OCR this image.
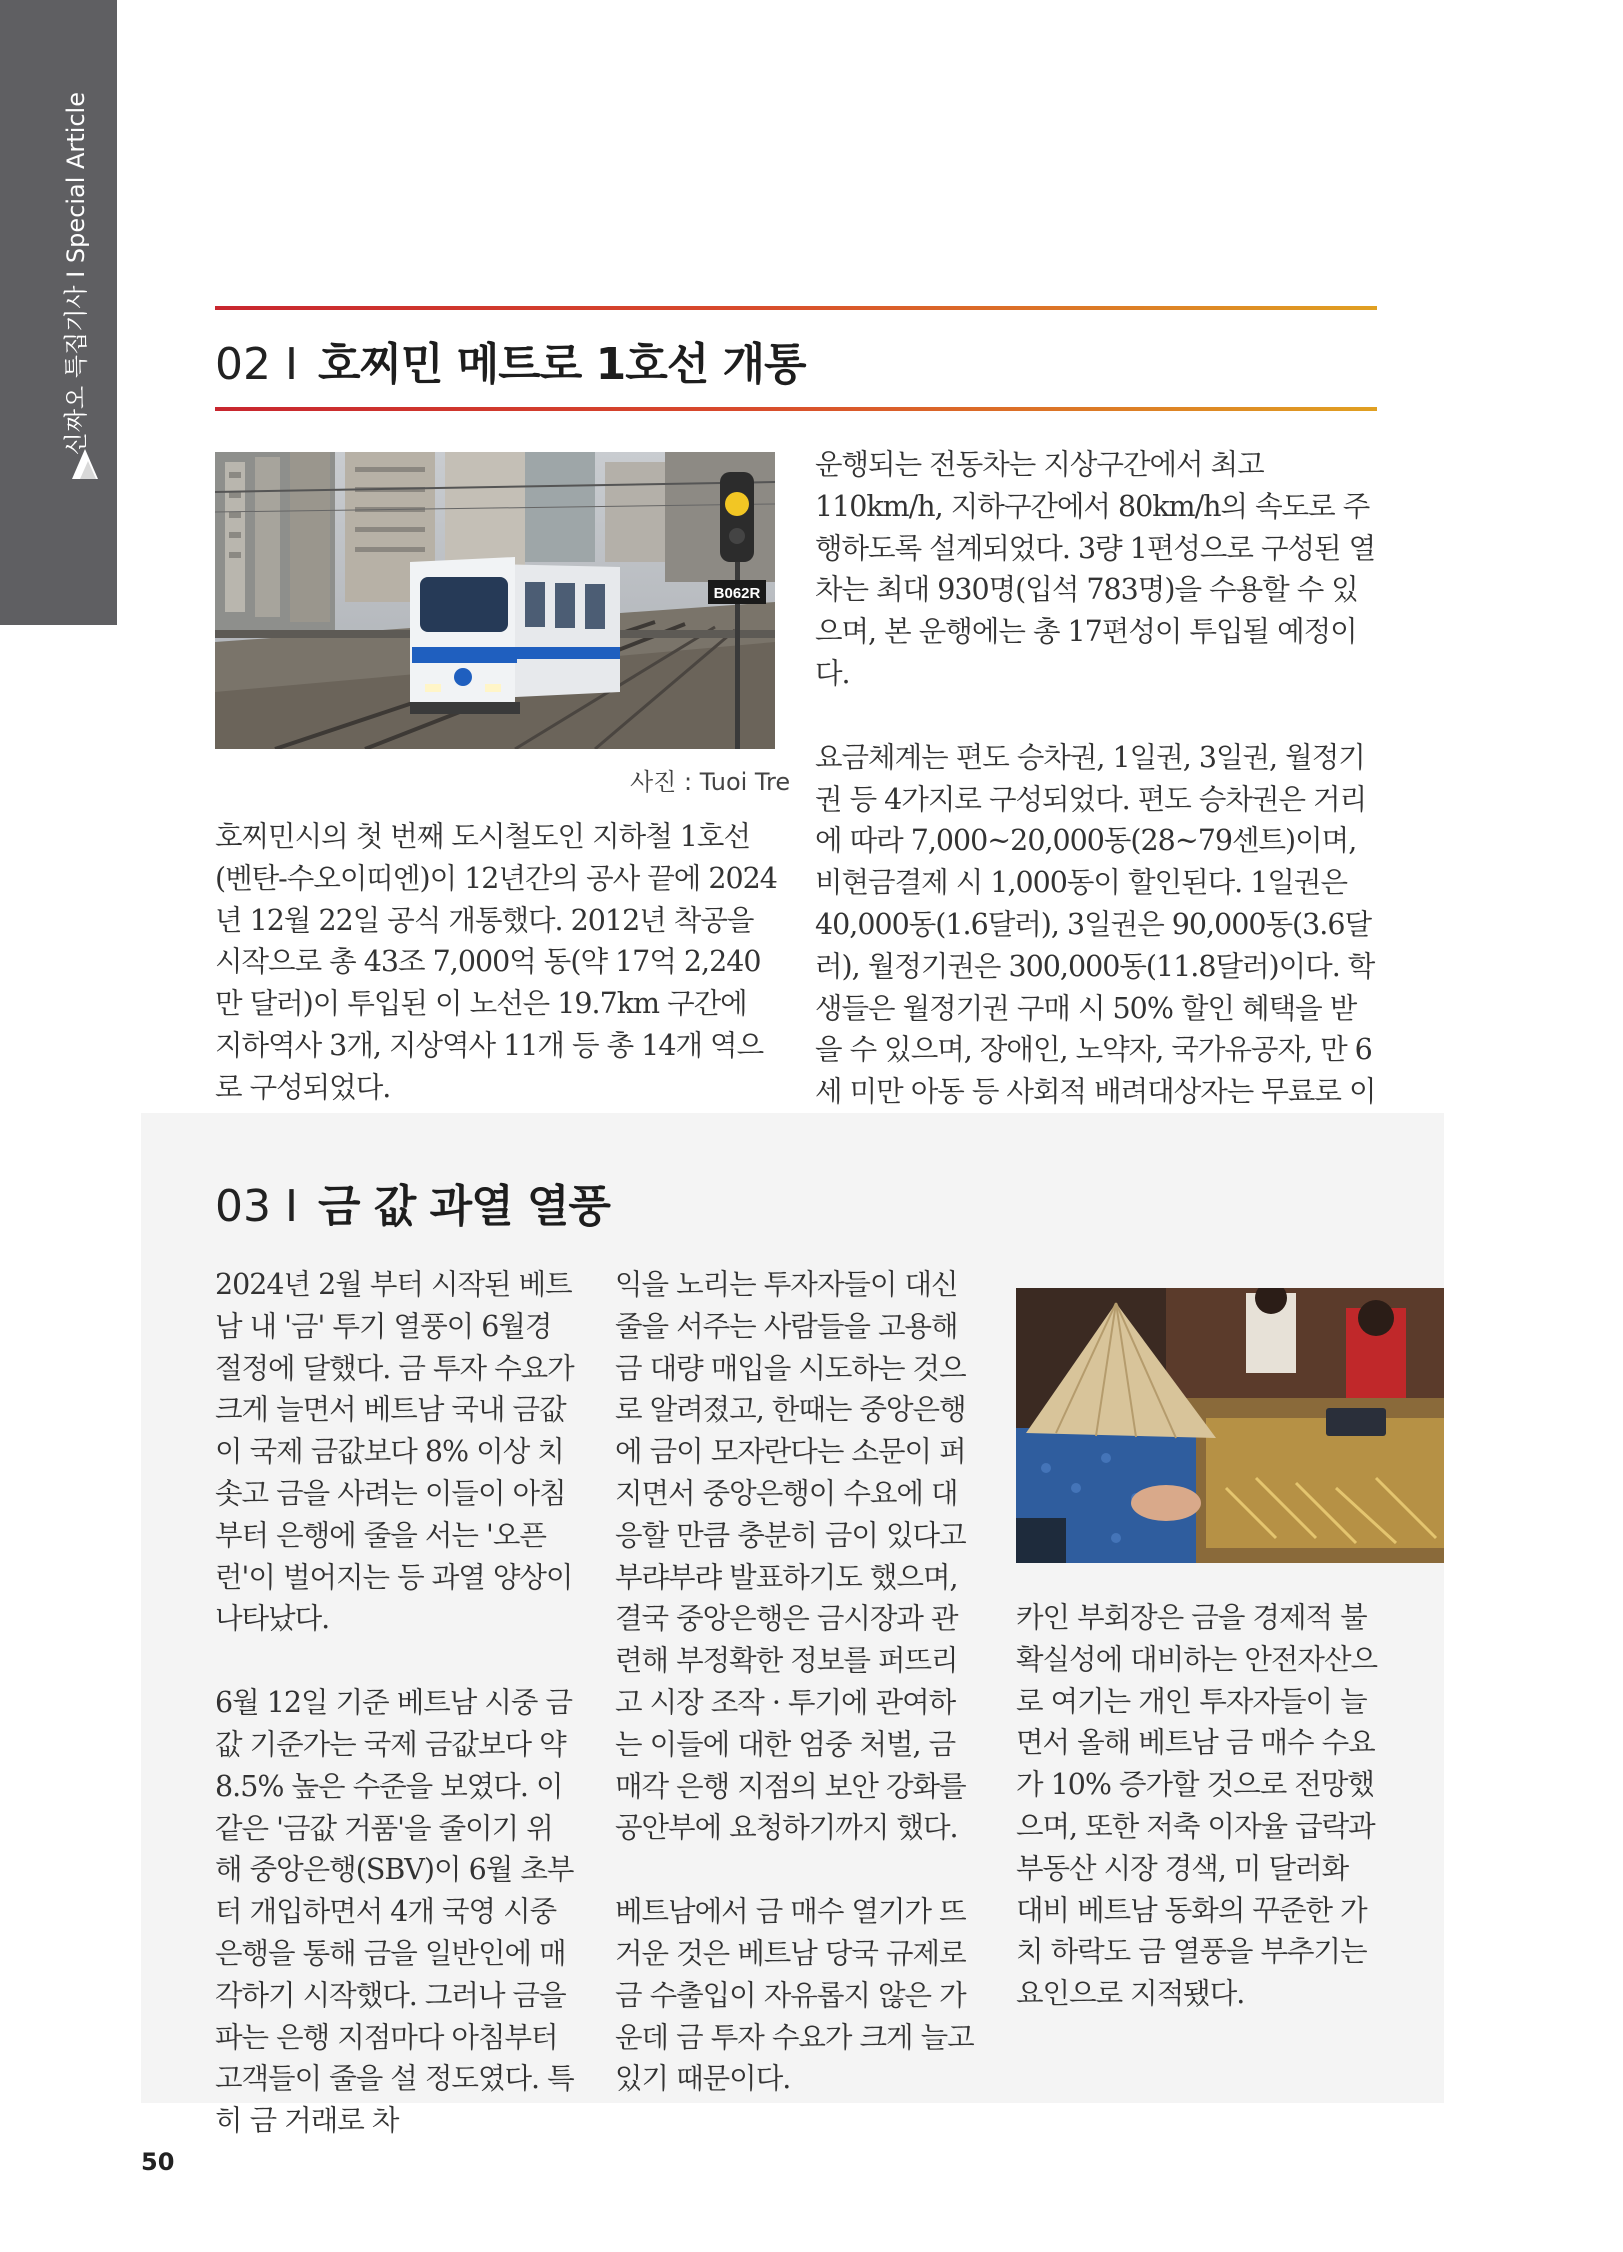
신짜오 특집기사 I Special Article	02 I 호찌민 메트로 1호선 개통
B062R
사진 : Tuoi Tre

호찌민시의 첫 번째 도시철도인 지하철 1호선(벤탄-수오이띠엔)이 12년간의 공사 끝에 2024년 12월 22일 공식 개통했다. 2012년 착공을 시작으로 총 43조 7,000억 동(약 17억 2,240만 달러)이 투입된 이 노선은 19.7km 구간에 지하역사 3개, 지상역사 11개 등 총 14개 역으로 구성되었다.

운행되는 전동차는 지상구간에서 최고 110km/h, 지하구간에서 80km/h의 속도로 주행하도록 설계되었다. 3량 1편성으로 구성된 열차는 최대 930명(입석 783명)을 수용할 수 있으며, 본 운행에는 총 17편성이 투입될 예정이다.

요금체계는 편도 승차권, 1일권, 3일권, 월정기권 등 4가지로 구성되었다. 편도 승차권은 거리에 따라 7,000~20,000동(28~79센트)이며, 비현금결제 시 1,000동이 할인된다. 1일권은 40,000동(1.6달러), 3일권은 90,000동(3.6달러), 월정기권은 300,000동(11.8달러)이다. 학생들은 월정기권 구매 시 50% 할인 혜택을 받을 수 있으며, 장애인, 노약자, 국가유공자, 만 6세 미만 아동 등 사회적 배려대상자는 무료로 이

03 I 금 값 과열 열풍

2024년 2월 부터 시작된 베트남 내 '금' 투기 열풍이 6월경 절정에 달했다. 금 투자 수요가 크게 늘면서 베트남 국내 금값이 국제 금값보다 8% 이상 치솟고 금을 사려는 이들이 아침부터 은행에 줄을 서는 '오픈런'이 벌어지는 등 과열 양상이 나타났다.

6월 12일 기준 베트남 시중 금값 기준가는 국제 금값보다 약 8.5% 높은 수준을 보였다. 이 같은 '금값 거품'을 줄이기 위해 중앙은행(SBV)이 6월 초부터 개입하면서 4개 국영 시중은행을 통해 금을 일반인에 매각하기 시작했다. 그러나 금을 파는 은행 지점마다 아침부터 고객들이 줄을 설 정도였다. 특히 금 거래로 차

익을 노리는 투자자들이 대신 줄을 서주는 사람들을 고용해 금 대량 매입을 시도하는 것으로 알려졌고, 한때는 중앙은행에 금이 모자란다는 소문이 퍼지면서 중앙은행이 수요에 대응할 만큼 충분히 금이 있다고 부랴부랴 발표하기도 했으며, 결국 중앙은행은 금시장과 관련해 부정확한 정보를 퍼뜨리고 시장 조작 · 투기에 관여하는 이들에 대한 엄중 처벌, 금 매각 은행 지점의 보안 강화를 공안부에 요청하기까지 했다.

베트남에서 금 매수 열기가 뜨거운 것은 베트남 당국 규제로 금 수출입이 자유롭지 않은 가운데 금 투자 수요가 크게 늘고 있기 때문이다.

카인 부회장은 금을 경제적 불확실성에 대비하는 안전자산으로 여기는 개인 투자자들이 늘면서 올해 베트남 금 매수 수요가 10% 증가할 것으로 전망했으며, 또한 저축 이자율 급락과 부동산 시장 경색, 미 달러화 대비 베트남 동화의 꾸준한 가치 하락도 금 열풍을 부추기는 요인으로 지적됐다.

50
